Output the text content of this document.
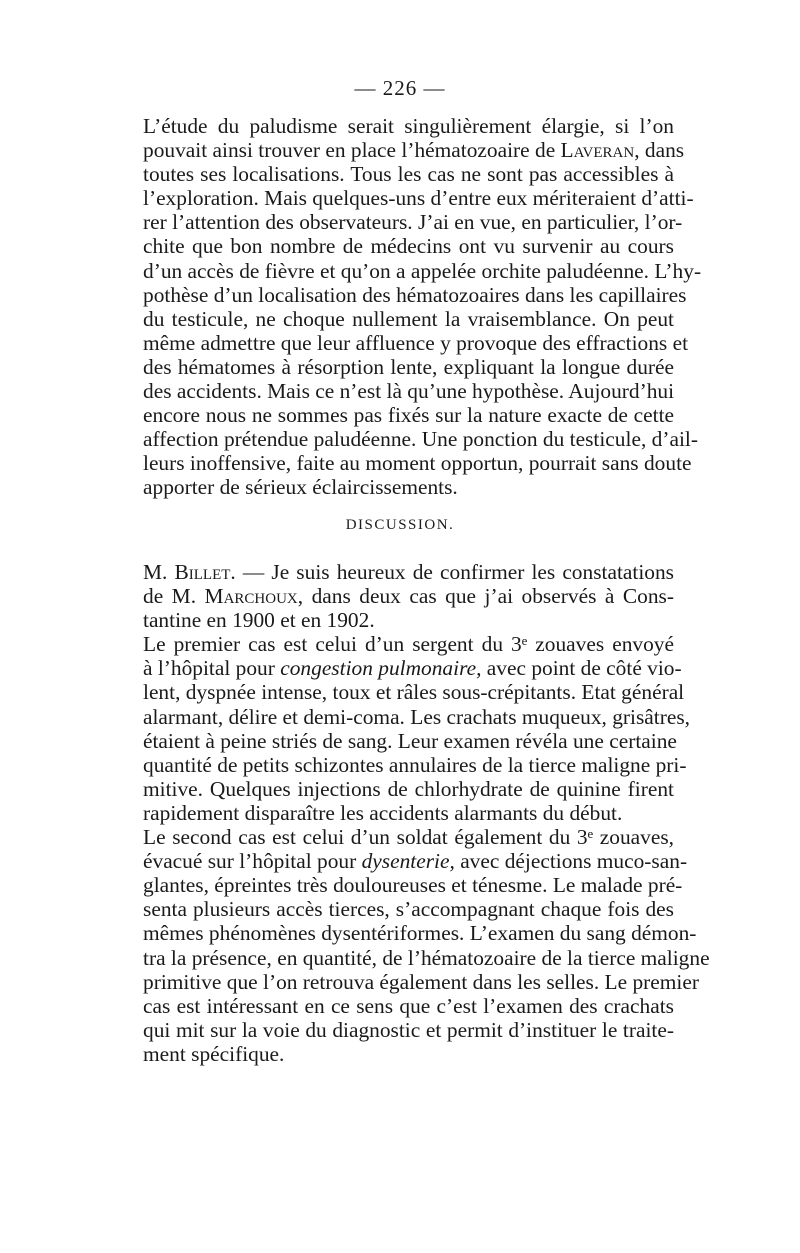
— 226 —
L’étude du paludisme serait singulièrement élargie, si l’on
pouvait ainsi trouver en place l’hématozoaire de Laveran, dans
toutes ses localisations. Tous les cas ne sont pas accessibles à
l’exploration. Mais quelques-uns d’entre eux mériteraient d’atti-
rer l’attention des observateurs. J’ai en vue, en particulier, l’or-
chite que bon nombre de médecins ont vu survenir au cours
d’un accès de fièvre et qu’on a appelée orchite paludéenne. L’hy-
pothèse d’un localisation des hématozoaires dans les capillaires
du testicule, ne choque nullement la vraisemblance. On peut
même admettre que leur affluence y provoque des effractions et
des hématomes à résorption lente, expliquant la longue durée
des accidents. Mais ce n’est là qu’une hypothèse. Aujourd’hui
encore nous ne sommes pas fixés sur la nature exacte de cette
affection prétendue paludéenne. Une ponction du testicule, d’ail-
leurs inoffensive, faite au moment opportun, pourrait sans doute
apporter de sérieux éclaircissements.
DISCUSSION.
M. Billet. — Je suis heureux de confirmer les constatations
de M. Marchoux, dans deux cas que j’ai observés à Cons-
tantine en 1900 et en 1902.
Le premier cas est celui d’un sergent du 3ᵉ zouaves envoyé
à l’hôpital pour congestion pulmonaire, avec point de côté vio-
lent, dyspnée intense, toux et râles sous-crépitants. Etat général
alarmant, délire et demi-coma. Les crachats muqueux, grisâtres,
étaient à peine striés de sang. Leur examen révéla une certaine
quantité de petits schizontes annulaires de la tierce maligne pri-
mitive. Quelques injections de chlorhydrate de quinine firent
rapidement disparaître les accidents alarmants du début.
Le second cas est celui d’un soldat également du 3ᵉ zouaves,
évacué sur l’hôpital pour dysenterie, avec déjections muco-san-
glantes, épreintes très douloureuses et ténesme. Le malade pré-
senta plusieurs accès tierces, s’accompagnant chaque fois des
mêmes phénomènes dysentériformes. L’examen du sang démon-
tra la présence, en quantité, de l’hématozoaire de la tierce maligne
primitive que l’on retrouva également dans les selles. Le premier
cas est intéressant en ce sens que c’est l’examen des crachats
qui mit sur la voie du diagnostic et permit d’instituer le traite-
ment spécifique.
